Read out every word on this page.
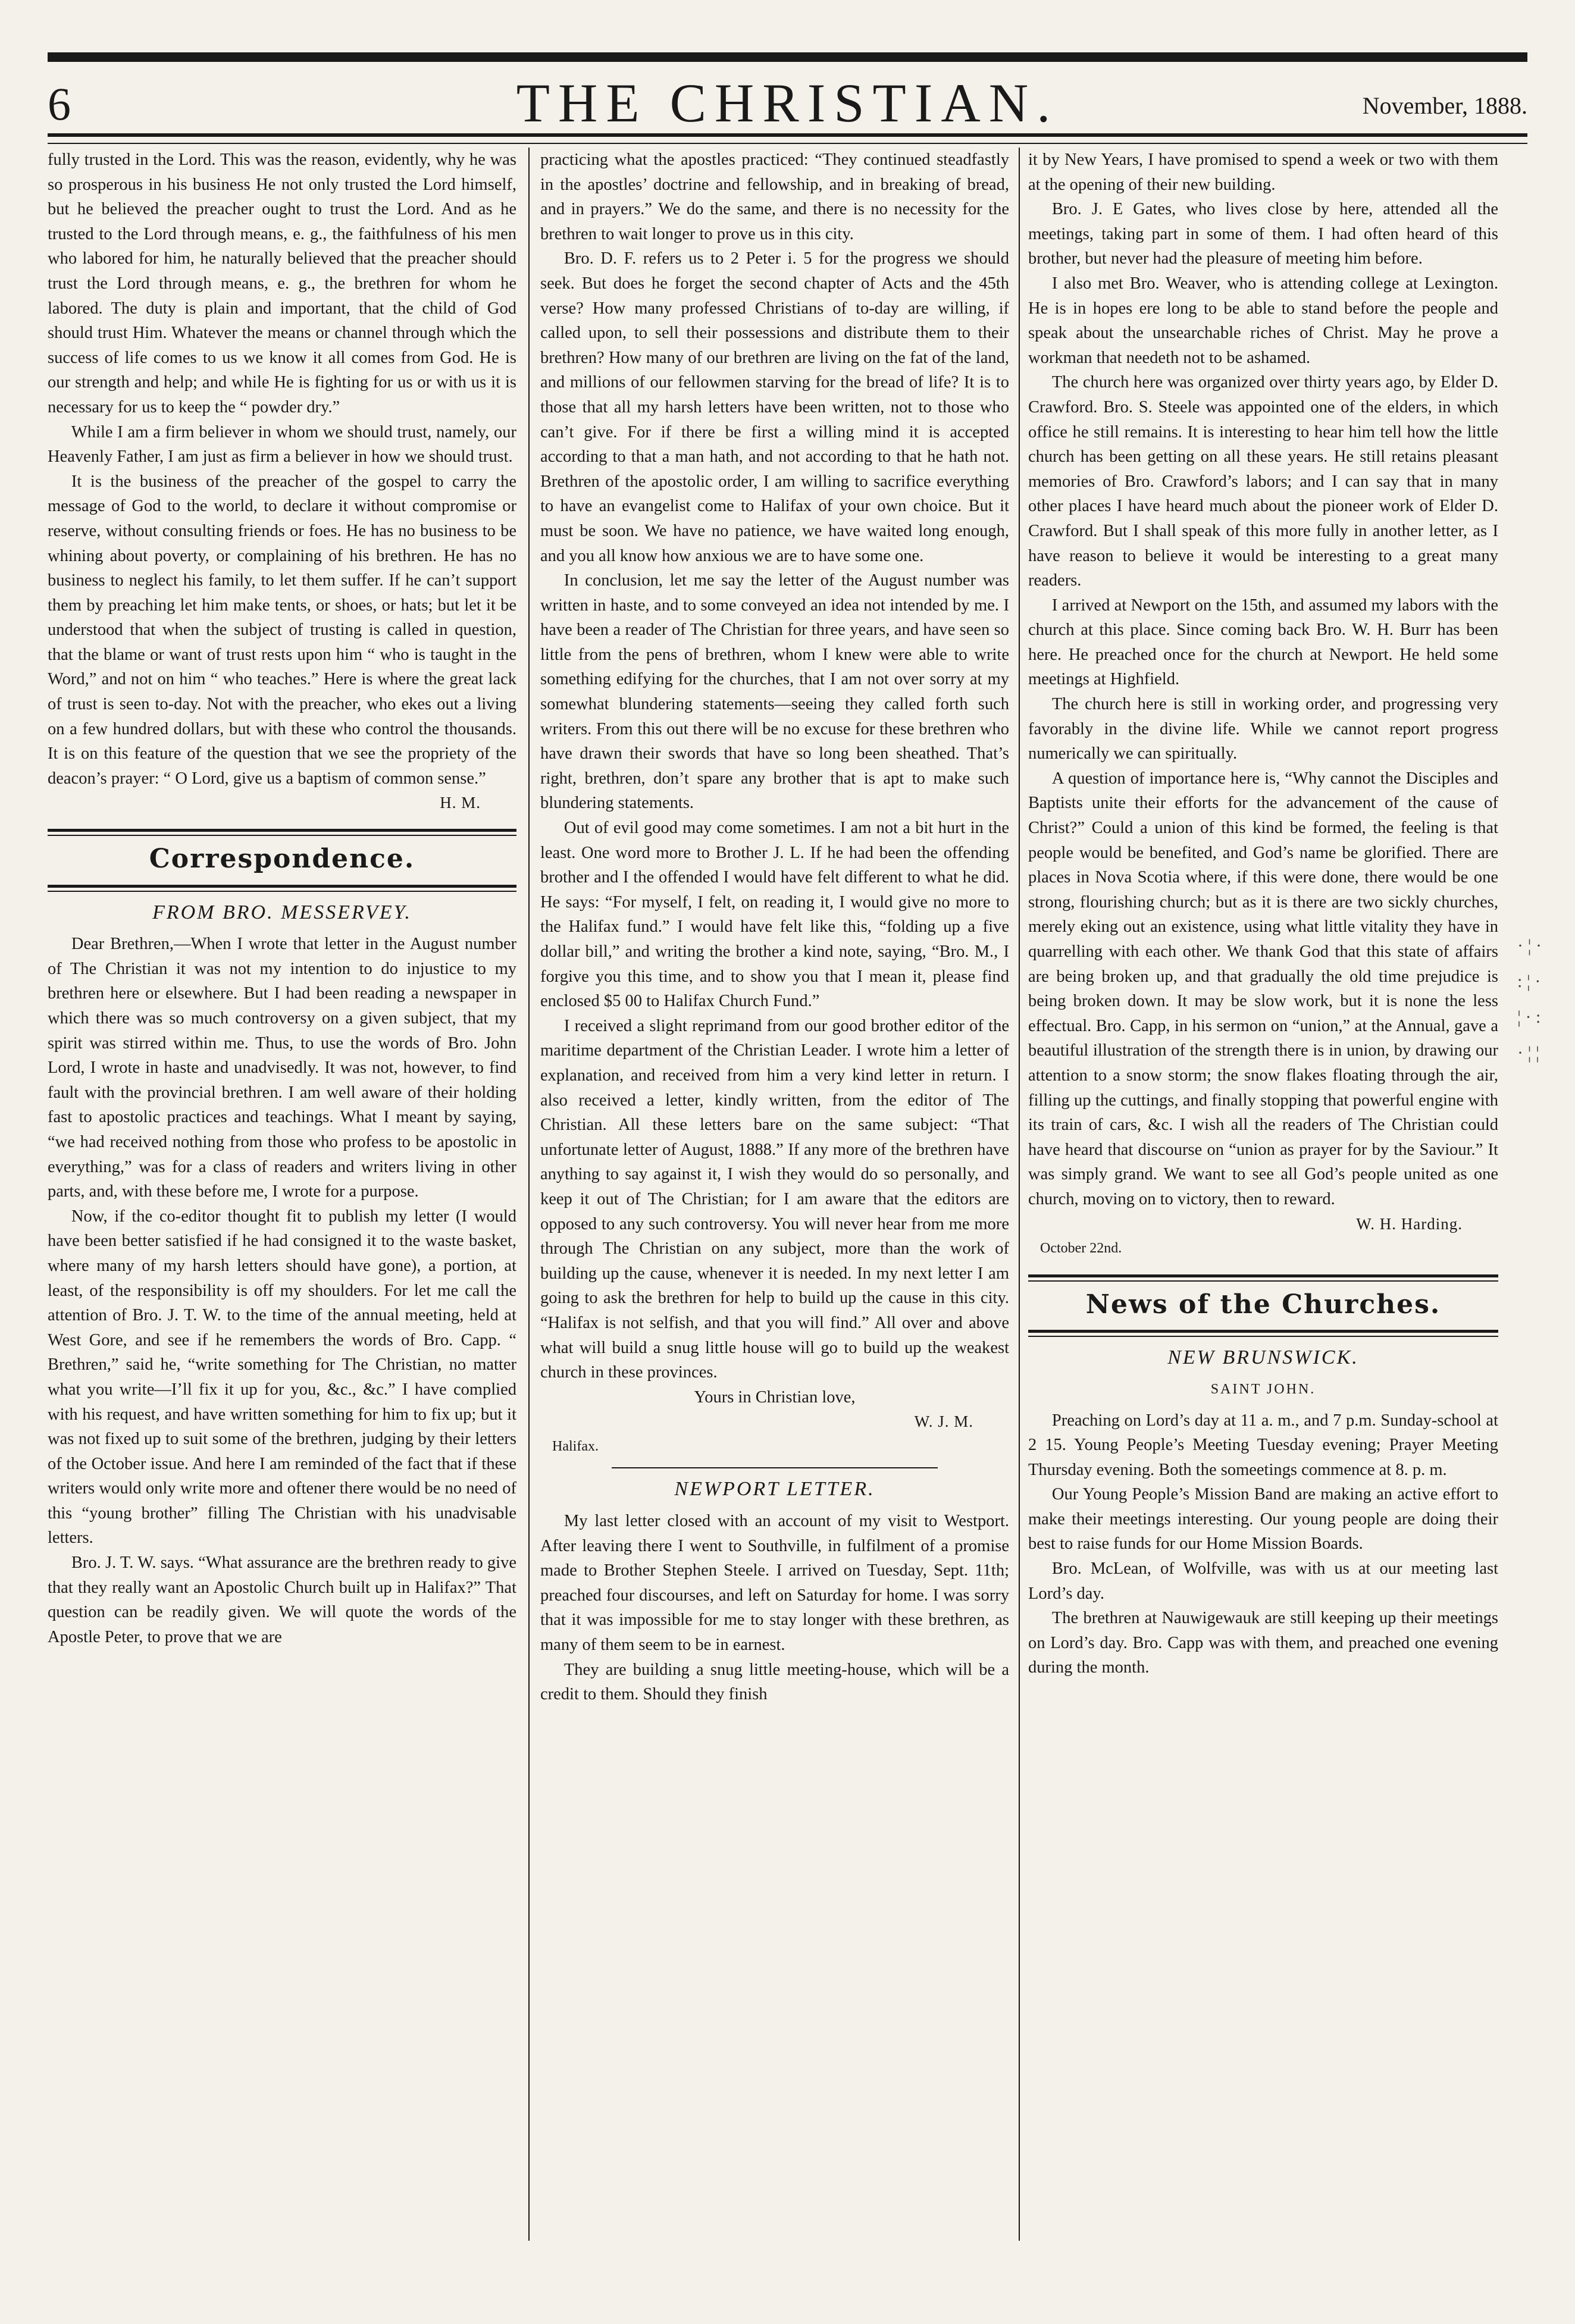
6	THE CHRISTIAN.	November, 1888.

fully trusted in the Lord. This was the reason, evidently, why he was so prosperous in his business He not only trusted the Lord himself, but he believed the preacher ought to trust the Lord. And as he trusted to the Lord through means, e. g., the faithfulness of his men who labored for him, he naturally believed that the preacher should trust the Lord through means, e. g., the brethren for whom he labored. The duty is plain and important, that the child of God should trust Him. Whatever the means or channel through which the success of life comes to us we know it all comes from God. He is our strength and help; and while He is fighting for us or with us it is necessary for us to keep the “ powder dry.”

While I am a firm believer in whom we should trust, namely, our Heavenly Father, I am just as firm a believer in how we should trust.

It is the business of the preacher of the gospel to carry the message of God to the world, to declare it without compromise or reserve, without consulting friends or foes. He has no business to be whining about poverty, or complaining of his brethren. He has no business to neglect his family, to let them suffer. If he can’t support them by preaching let him make tents, or shoes, or hats; but let it be understood that when the subject of trusting is called in question, that the blame or want of trust rests upon him “ who is taught in the Word,” and not on him “ who teaches.” Here is where the great lack of trust is seen to-day. Not with the preacher, who ekes out a living on a few hundred dollars, but with these who control the thousands. It is on this feature of the question that we see the propriety of the deacon’s prayer: “ O Lord, give us a baptism of common sense.”

H. M.
Correspondence.
FROM BRO. MESSERVEY.

Dear Brethren,—When I wrote that letter in the August number of The Christian it was not my intention to do injustice to my brethren here or elsewhere. But I had been reading a newspaper in which there was so much controversy on a given subject, that my spirit was stirred within me. Thus, to use the words of Bro. John Lord, I wrote in haste and unadvisedly. It was not, however, to find fault with the provincial brethren. I am well aware of their holding fast to apostolic practices and teachings. What I meant by saying, “we had received nothing from those who profess to be apostolic in everything,” was for a class of readers and writers living in other parts, and, with these before me, I wrote for a purpose.

Now, if the co-editor thought fit to publish my letter (I would have been better satisfied if he had consigned it to the waste basket, where many of my harsh letters should have gone), a portion, at least, of the responsibility is off my shoulders. For let me call the attention of Bro. J. T. W. to the time of the annual meeting, held at West Gore, and see if he remembers the words of Bro. Capp. “ Brethren,” said he, “write something for The Christian, no matter what you write—I’ll fix it up for you, &c., &c.” I have complied with his request, and have written something for him to fix up; but it was not fixed up to suit some of the brethren, judging by their letters of the October issue. And here I am reminded of the fact that if these writers would only write more and oftener there would be no need of this “young brother” filling The Christian with his unadvisable letters.

Bro. J. T. W. says. “What assurance are the brethren ready to give that they really want an Apostolic Church built up in Halifax?” That question can be readily given. We will quote the words of the Apostle Peter, to prove that we are

practicing what the apostles practiced: “They continued steadfastly in the apostles’ doctrine and fellowship, and in breaking of bread, and in prayers.” We do the same, and there is no necessity for the brethren to wait longer to prove us in this city.

Bro. D. F. refers us to 2 Peter i. 5 for the progress we should seek. But does he forget the second chapter of Acts and the 45th verse? How many professed Christians of to-day are willing, if called upon, to sell their possessions and distribute them to their brethren? How many of our brethren are living on the fat of the land, and millions of our fellowmen starving for the bread of life? It is to those that all my harsh letters have been written, not to those who can’t give. For if there be first a willing mind it is accepted according to that a man hath, and not according to that he hath not. Brethren of the apostolic order, I am willing to sacrifice everything to have an evangelist come to Halifax of your own choice. But it must be soon. We have no patience, we have waited long enough, and you all know how anxious we are to have some one.

In conclusion, let me say the letter of the August number was written in haste, and to some conveyed an idea not intended by me. I have been a reader of The Christian for three years, and have seen so little from the pens of brethren, whom I knew were able to write something edifying for the churches, that I am not over sorry at my somewhat blundering statements—seeing they called forth such writers. From this out there will be no excuse for these brethren who have drawn their swords that have so long been sheathed. That’s right, brethren, don’t spare any brother that is apt to make such blundering statements.

Out of evil good may come sometimes. I am not a bit hurt in the least. One word more to Brother J. L. If he had been the offending brother and I the offended I would have felt different to what he did. He says: “For myself, I felt, on reading it, I would give no more to the Halifax fund.” I would have felt like this, “folding up a five dollar bill,” and writing the brother a kind note, saying, “Bro. M., I forgive you this time, and to show you that I mean it, please find enclosed $5 00 to Halifax Church Fund.”

I received a slight reprimand from our good brother editor of the maritime department of the Christian Leader. I wrote him a letter of explanation, and received from him a very kind letter in return. I also received a letter, kindly written, from the editor of The Christian. All these letters bare on the same subject: “That unfortunate letter of August, 1888.” If any more of the brethren have anything to say against it, I wish they would do so personally, and keep it out of The Christian; for I am aware that the editors are opposed to any such controversy. You will never hear from me more through The Christian on any subject, more than the work of building up the cause, whenever it is needed. In my next letter I am going to ask the brethren for help to build up the cause in this city. “Halifax is not selfish, and that you will find.” All over and above what will build a snug little house will go to build up the weakest church in these provinces.

Yours in Christian love,
W. J. M.
Halifax.
NEWPORT LETTER.

My last letter closed with an account of my visit to Westport. After leaving there I went to Southville, in fulfilment of a promise made to Brother Stephen Steele. I arrived on Tuesday, Sept. 11th; preached four discourses, and left on Saturday for home. I was sorry that it was impossible for me to stay longer with these brethren, as many of them seem to be in earnest.

They are building a snug little meeting-house, which will be a credit to them. Should they finish

it by New Years, I have promised to spend a week or two with them at the opening of their new building.

Bro. J. E Gates, who lives close by here, attended all the meetings, taking part in some of them. I had often heard of this brother, but never had the pleasure of meeting him before.

I also met Bro. Weaver, who is attending college at Lexington. He is in hopes ere long to be able to stand before the people and speak about the unsearchable riches of Christ. May he prove a workman that needeth not to be ashamed.

The church here was organized over thirty years ago, by Elder D. Crawford. Bro. S. Steele was appointed one of the elders, in which office he still remains. It is interesting to hear him tell how the little church has been getting on all these years. He still retains pleasant memories of Bro. Crawford’s labors; and I can say that in many other places I have heard much about the pioneer work of Elder D. Crawford. But I shall speak of this more fully in another letter, as I have reason to believe it would be interesting to a great many readers.

I arrived at Newport on the 15th, and assumed my labors with the church at this place. Since coming back Bro. W. H. Burr has been here. He preached once for the church at Newport. He held some meetings at Highfield.

The church here is still in working order, and progressing very favorably in the divine life. While we cannot report progress numerically we can spiritually.

A question of importance here is, “Why cannot the Disciples and Baptists unite their efforts for the advancement of the cause of Christ?” Could a union of this kind be formed, the feeling is that people would be benefited, and God’s name be glorified. There are places in Nova Scotia where, if this were done, there would be one strong, flourishing church; but as it is there are two sickly churches, merely eking out an existence, using what little vitality they have in quarrelling with each other. We thank God that this state of affairs are being broken up, and that gradually the old time prejudice is being broken down. It may be slow work, but it is none the less effectual. Bro. Capp, in his sermon on “union,” at the Annual, gave a beautiful illustration of the strength there is in union, by drawing our attention to a snow storm; the snow flakes floating through the air, filling up the cuttings, and finally stopping that powerful engine with its train of cars, &c. I wish all the readers of The Christian could have heard that discourse on “union as prayer for by the Saviour.” It was simply grand. We want to see all God’s people united as one church, moving on to victory, then to reward.

W. H. Harding.
October 22nd.
News of the Churches.
NEW BRUNSWICK.
SAINT JOHN.

Preaching on Lord’s day at 11 a. m., and 7 p.m. Sunday-school at 2 15. Young People’s Meeting Tuesday evening; Prayer Meeting Thursday evening. Both the someetings commence at 8. p. m.

Our Young People’s Mission Band are making an active effort to make their meetings interesting. Our young people are doing their best to raise funds for our Home Mission Boards.

Bro. McLean, of Wolfville, was with us at our meeting last Lord’s day.

The brethren at Nauwigewauk are still keeping up their meetings on Lord’s day. Bro. Capp was with them, and preached one evening during the month.

· ¦ ·
: ¦ ·
¦ · :
· ¦ ¦
